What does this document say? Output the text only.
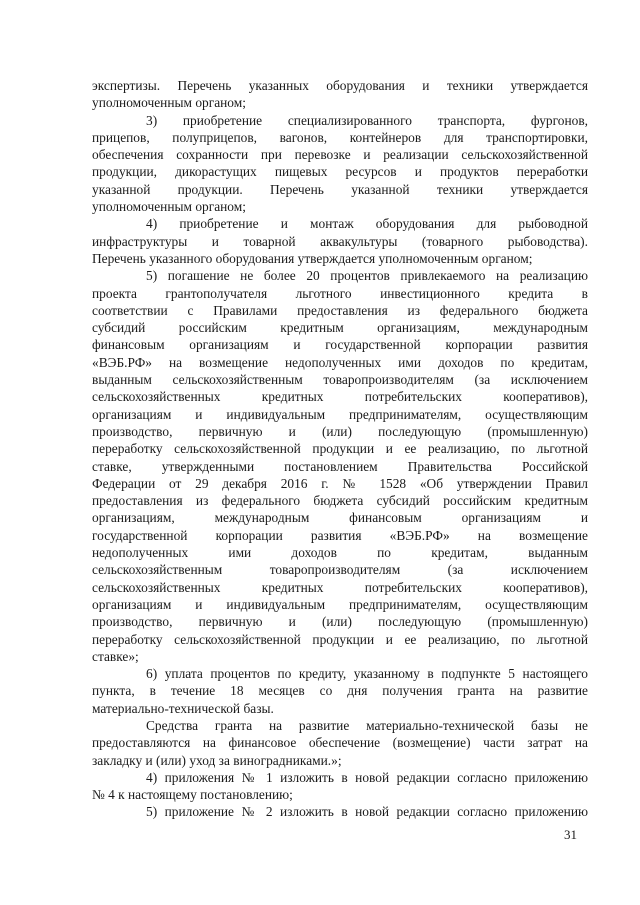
экспертизы. Перечень указанных оборудования и техники утверждается
уполномоченным органом;
3) приобретение специализированного транспорта, фургонов,
прицепов, полуприцепов, вагонов, контейнеров для транспортировки,
обеспечения сохранности при перевозке и реализации сельскохозяйственной
продукции, дикорастущих пищевых ресурсов и продуктов переработки
указанной продукции. Перечень указанной техники утверждается
уполномоченным органом;
4) приобретение и монтаж оборудования для рыбоводной
инфраструктуры и товарной аквакультуры (товарного рыбоводства).
Перечень указанного оборудования утверждается уполномоченным органом;
5) погашение не более 20 процентов привлекаемого на реализацию
проекта грантополучателя льготного инвестиционного кредита в
соответствии с Правилами предоставления из федерального бюджета
субсидий российским кредитным организациям, международным
финансовым организациям и государственной корпорации развития
«ВЭБ.РФ» на возмещение недополученных ими доходов по кредитам,
выданным сельскохозяйственным товаропроизводителям (за исключением
сельскохозяйственных кредитных потребительских кооперативов),
организациям и индивидуальным предпринимателям, осуществляющим
производство, первичную и (или) последующую (промышленную)
переработку сельскохозяйственной продукции и ее реализацию, по льготной
ставке, утвержденными постановлением Правительства Российской
Федерации от 29 декабря 2016 г. № 1528 «Об утверждении Правил
предоставления из федерального бюджета субсидий российским кредитным
организациям, международным финансовым организациям и
государственной корпорации развития «ВЭБ.РФ» на возмещение
недополученных ими доходов по кредитам, выданным
сельскохозяйственным товаропроизводителям (за исключением
сельскохозяйственных кредитных потребительских кооперативов),
организациям и индивидуальным предпринимателям, осуществляющим
производство, первичную и (или) последующую (промышленную)
переработку сельскохозяйственной продукции и ее реализацию, по льготной
ставке»;
6) уплата процентов по кредиту, указанному в подпункте 5 настоящего
пункта, в течение 18 месяцев со дня получения гранта на развитие
материально-технической базы.
Средства гранта на развитие материально-технической базы не
предоставляются на финансовое обеспечение (возмещение) части затрат на
закладку и (или) уход за виноградниками.»;
4) приложения № 1 изложить в новой редакции согласно приложению
№ 4 к настоящему постановлению;
5) приложение № 2 изложить в новой редакции согласно приложению
31
